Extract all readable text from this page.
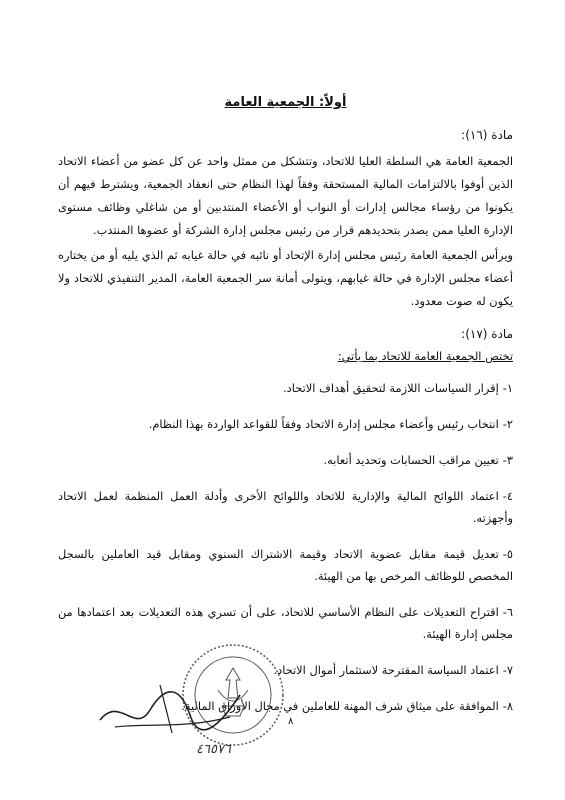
أولاً: الجمعية العامة

مادة (١٦):

الجمعية العامة هي السلطة العليا للاتحاد، وتتشكل من ممثل واحد عن كل عضو من أعضاء الاتحاد الذين أوفوا بالالتزامات المالية المستحقة وفقاً لهذا النظام حتى انعقاد الجمعية، ويشترط فيهم أن يكونوا من رؤساء مجالس إدارات أو النواب أو الأعضاء المنتدبين أو من شاغلي وظائف مستوى الإدارة العليا ممن يصدر بتحديدهم قرار من رئيس مجلس إدارة الشركة أو عضوها المنتدب.

ويرأس الجمعية العامة رئيس مجلس إدارة الإتحاد أو نائبه في حالة غيابه ثم الذي يليه أو من يختاره أعضاء مجلس الإدارة في حالة غيابهم، ويتولى أمانة سر الجمعية العامة، المدير التنفيذي للاتحاد ولا يكون له صوت معدود.

مادة (١٧):

تختص الجمعية العامة للاتحاد بما يأتي:

١-إقرار السياسات اللازمة لتحقيق أهداف الاتحاد.
٢-انتخاب رئيس وأعضاء مجلس إدارة الاتحاد وفقاً للقواعد الواردة بهذا النظام.
٣-تعيين مراقب الحسابات وتحديد أتعابه.
٤-اعتماد اللوائح المالية والإدارية للاتحاد واللوائح الأخرى وأدلة العمل المنظمة لعمل الاتحاد وأجهزته.
٥-تعديل قيمة مقابل عضوية الاتحاد وقيمة الاشتراك السنوي ومقابل قيد العاملين بالسجل المخصص للوظائف المرخص بها من الهيئة.
٦-اقتراح التعديلات على النظام الأساسي للاتحاد، على أن تسري هذه التعديلات بعد اعتمادها من مجلس إدارة الهيئة.
٧-اعتماد السياسة المقترحة لاستثمار أموال الاتحاد.
٨-الموافقة على ميثاق شرف المهنة للعاملين في مجال الأوراق المالية.
٨
٤٦٥٧٦
